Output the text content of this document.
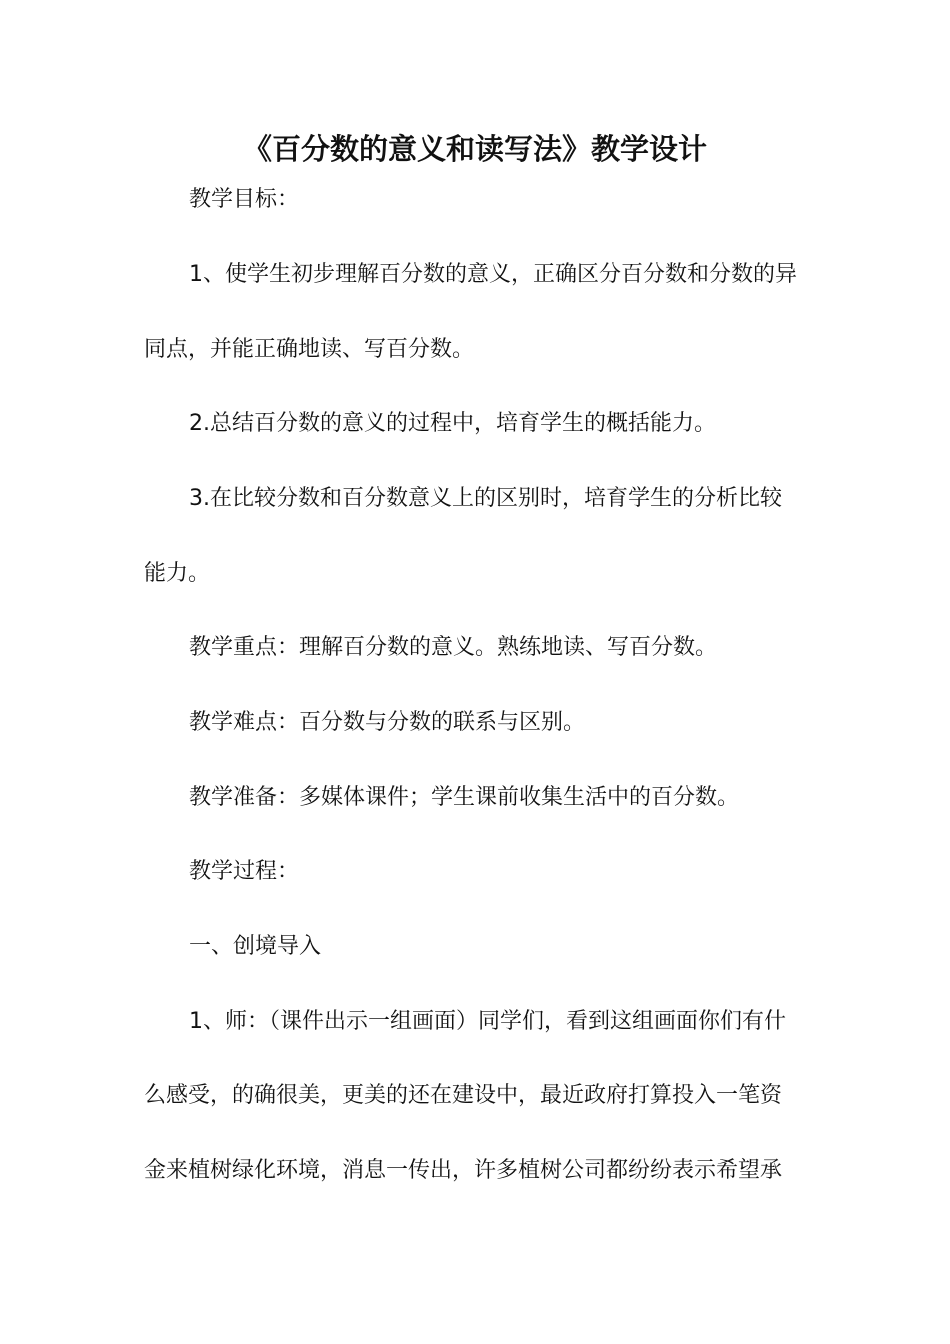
《百分数的意义和读写法》教学设计
教学目标：
1、使学生初步理解百分数的意义，正确区分百分数和分数的异
同点，并能正确地读、写百分数。
2.总结百分数的意义的过程中，培育学生的概括能力。
3.在比较分数和百分数意义上的区别时，培育学生的分析比较
能力。
教学重点：理解百分数的意义。熟练地读、写百分数。
教学难点：百分数与分数的联系与区别。
教学准备：多媒体课件；学生课前收集生活中的百分数。
教学过程：
一、创境导入
1、师：（课件出示一组画面）同学们，看到这组画面你们有什
么感受，的确很美，更美的还在建设中，最近政府打算投入一笔资
金来植树绿化环境，消息一传出，许多植树公司都纷纷表示希望承
